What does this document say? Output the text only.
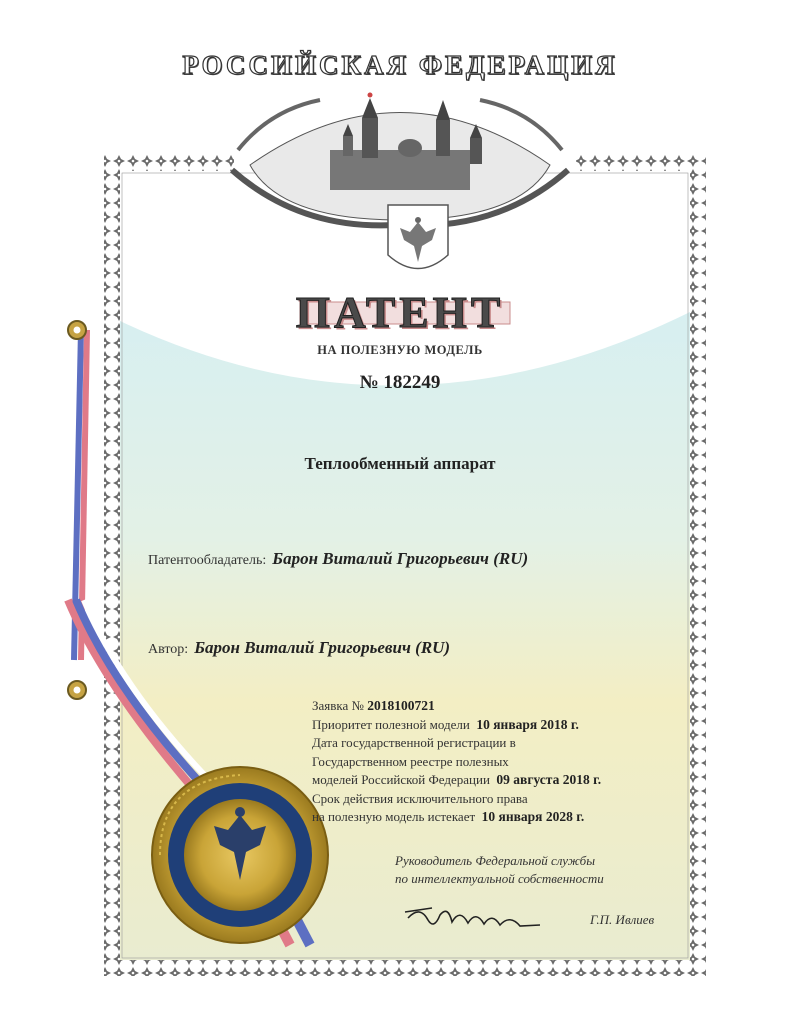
РОССИЙСКАЯ ФЕДЕРАЦИЯ
ПАТЕНТ
НА ПОЛЕЗНУЮ МОДЕЛЬ
№ 182249
Теплообменный аппарат
Патентообладатель: Барон Виталий Григорьевич (RU)
Автор: Барон Виталий Григорьевич (RU)
Заявка № 2018100721
Приоритет полезной модели 10 января 2018 г.
Дата государственной регистрации в
Государственном реестре полезных
моделей Российской Федерации 09 августа 2018 г.
Срок действия исключительного права
на полезную модель истекает 10 января 2028 г.
Руководитель Федеральной службы
по интеллектуальной собственности
Г.П. Ивлиев
